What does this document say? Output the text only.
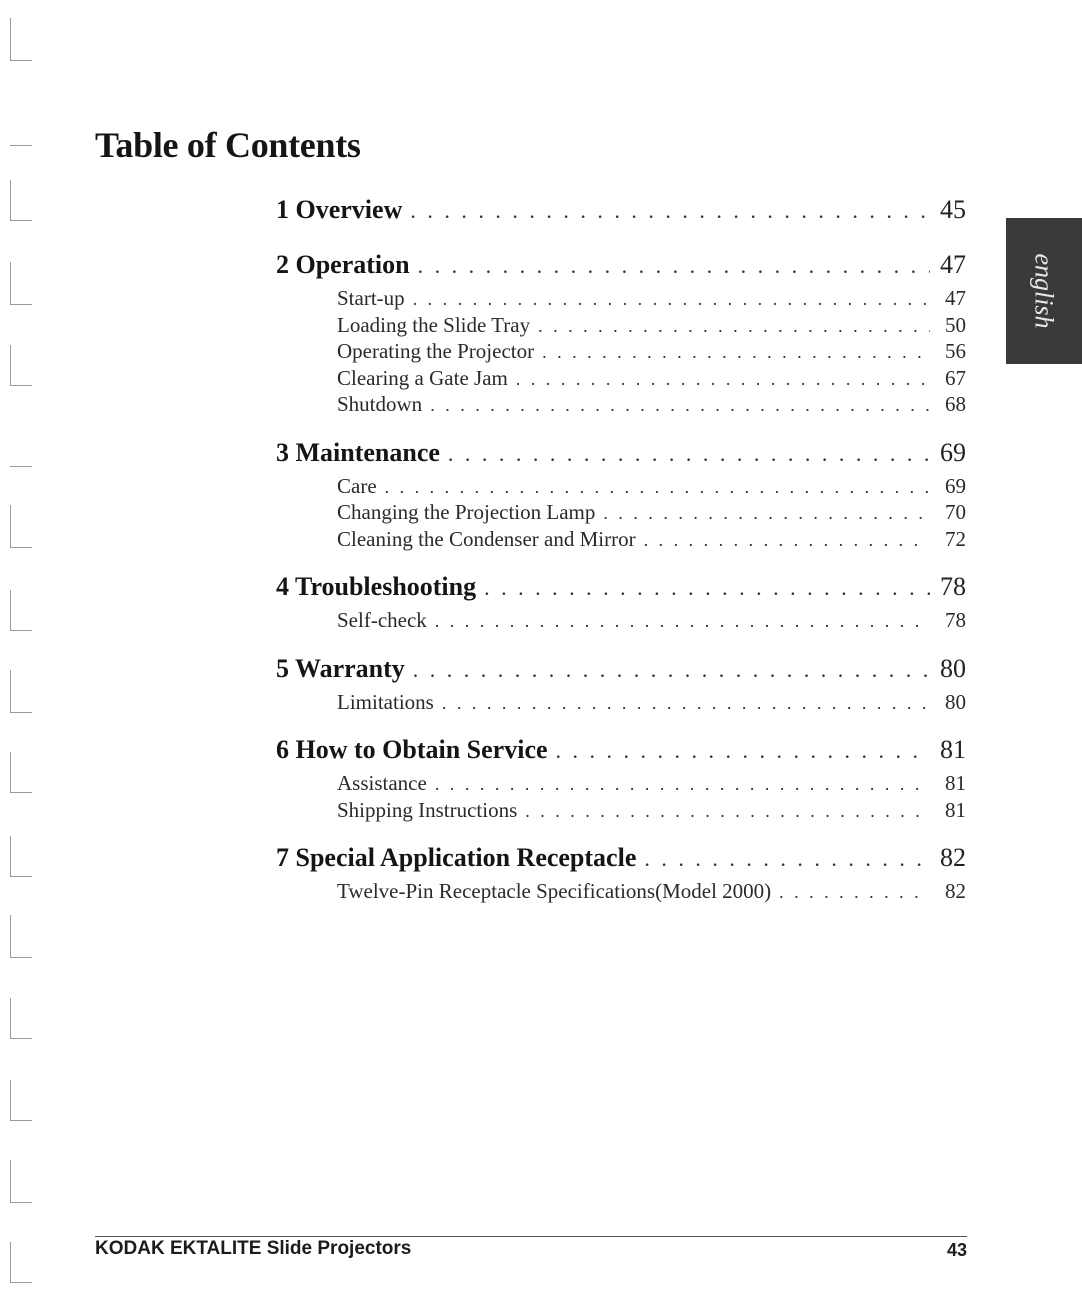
Table of Contents
1 Overview . . .	45
2 Operation . . .	47
Start-up . . .	47
Loading the Slide Tray . . .	50
Operating the Projector . . .	56
Clearing a Gate Jam . . .	67
Shutdown . . .	68
3 Maintenance . . .	69
Care . . .	69
Changing the Projection Lamp . . .	70
Cleaning the Condenser and Mirror . . .	72
4 Troubleshooting . . .	78
Self-check . . .	78
5 Warranty . . .	80
Limitations . . .	80
6 How to Obtain Service . . .	81
Assistance . . .	81
Shipping Instructions . . .	81
7 Special Application Receptacle . . .	82
Twelve-Pin Receptacle Specifications(Model 2000) . . .	82
english
KODAK EKTALITE Slide Projectors	43
